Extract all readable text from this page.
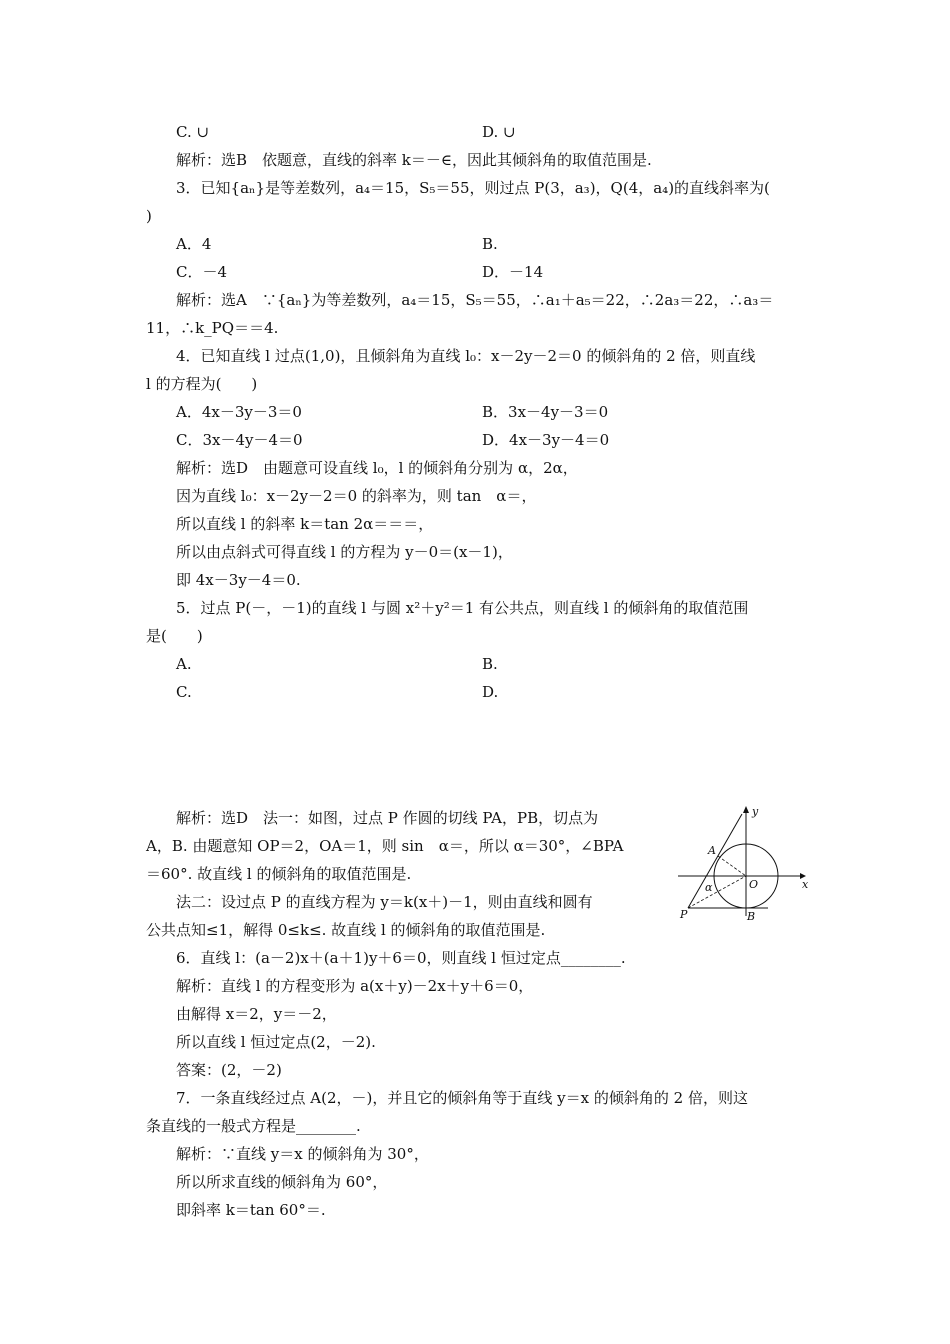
C. ∪	D. ∪
解析：选B　依题意，直线的斜率 k＝－∈，因此其倾斜角的取值范围是.
3．已知{aₙ}是等差数列，a₄＝15，S₅＝55，则过点 P(3，a₃)，Q(4，a₄)的直线斜率为(
)
A．4	B.
C．－4	D．－14
解析：选A　∵{aₙ}为等差数列，a₄＝15，S₅＝55，∴a₁＋a₅＝22，∴2a₃＝22，∴a₃＝
11，∴k_PQ＝＝4.
4．已知直线 l 过点(1,0)，且倾斜角为直线 l₀：x－2y－2＝0 的倾斜角的 2 倍，则直线
l 的方程为(　　)
A．4x－3y－3＝0	B．3x－4y－3＝0
C．3x－4y－4＝0	D．4x－3y－4＝0
解析：选D　由题意可设直线 l₀，l 的倾斜角分别为 α，2α，
因为直线 l₀：x－2y－2＝0 的斜率为，则 tan　α＝，
所以直线 l 的斜率 k＝tan 2α＝＝＝，
所以由点斜式可得直线 l 的方程为 y－0＝(x－1)，
即 4x－3y－4＝0.
5．过点 P(－，－1)的直线 l 与圆 x²＋y²＝1 有公共点，则直线 l 的倾斜角的取值范围
是(　　)
A.	B.
C.	D.
解析：选D　法一：如图，过点 P 作圆的切线 PA，PB，切点为
A，B. 由题意知 OP＝2，OA＝1，则 sin　α＝，所以 α＝30°，∠BPA
＝60°. 故直线 l 的倾斜角的取值范围是.
法二：设过点 P 的直线方程为 y＝k(x＋)－1，则由直线和圆有
公共点知≤1，解得 0≤k≤. 故直线 l 的倾斜角的取值范围是.
6．直线 l：(a－2)x＋(a＋1)y＋6＝0，则直线 l 恒过定点________.
解析：直线 l 的方程变形为 a(x＋y)－2x＋y＋6＝0，
由解得 x＝2，y＝－2，
所以直线 l 恒过定点(2，－2).
答案：(2，－2)
7．一条直线经过点 A(2，－)，并且它的倾斜角等于直线 y＝x 的倾斜角的 2 倍，则这
条直线的一般式方程是________.
解析：∵直线 y＝x 的倾斜角为 30°，
所以所求直线的倾斜角为 60°，
即斜率 k＝tan 60°＝.
y
x
A
O
P	B
α
